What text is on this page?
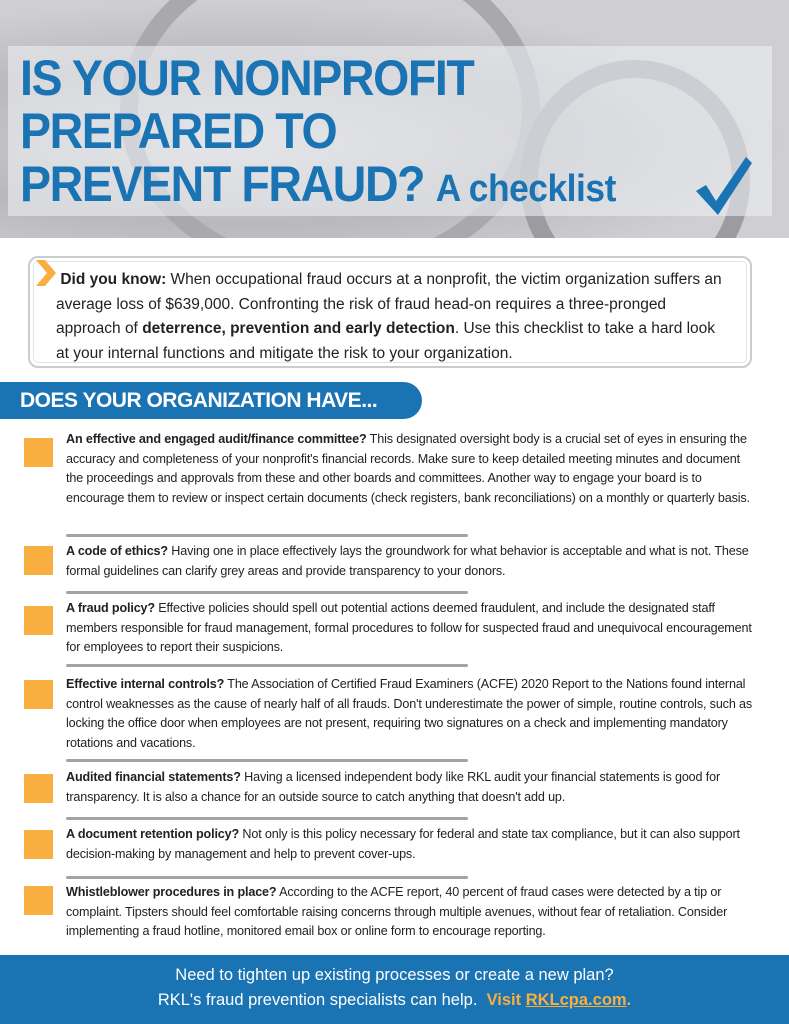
IS YOUR NONPROFIT
PREPARED TO
PREVENT FRAUD? A checklist

Did you know: When occupational fraud occurs at a nonprofit, the victim organization suffers an average loss of $639,000. Confronting the risk of fraud head-on requires a three-pronged approach of deterrence, prevention and early detection. Use this checklist to take a hard look at your internal functions and mitigate the risk to your organization.

DOES YOUR ORGANIZATION HAVE...
An effective and engaged audit/finance committee? This designated oversight body is a crucial set of eyes in ensuring the accuracy and completeness of your nonprofit's financial records. Make sure to keep detailed meeting minutes and document the proceedings and approvals from these and other boards and committees. Another way to engage your board is to encourage them to review or inspect certain documents (check registers, bank reconciliations) on a monthly or quarterly basis.
A code of ethics? Having one in place effectively lays the groundwork for what behavior is acceptable and what is not. These formal guidelines can clarify grey areas and provide transparency to your donors.
A fraud policy? Effective policies should spell out potential actions deemed fraudulent, and include the designated staff members responsible for fraud management, formal procedures to follow for suspected fraud and unequivocal encouragement for employees to report their suspicions.
Effective internal controls? The Association of Certified Fraud Examiners (ACFE) 2020 Report to the Nations found internal control weaknesses as the cause of nearly half of all frauds. Don't underestimate the power of simple, routine controls, such as locking the office door when employees are not present, requiring two signatures on a check and implementing mandatory rotations and vacations.
Audited financial statements? Having a licensed independent body like RKL audit your financial statements is good for transparency. It is also a chance for an outside source to catch anything that doesn't add up.
A document retention policy? Not only is this policy necessary for federal and state tax compliance, but it can also support decision-making by management and help to prevent cover-ups.
Whistleblower procedures in place? According to the ACFE report, 40 percent of fraud cases were detected by a tip or complaint. Tipsters should feel comfortable raising concerns through multiple avenues, without fear of retaliation. Consider implementing a fraud hotline, monitored email box or online form to encourage reporting.
Need to tighten up existing processes or create a new plan?
RKL's fraud prevention specialists can help. Visit RKLcpa.com.
